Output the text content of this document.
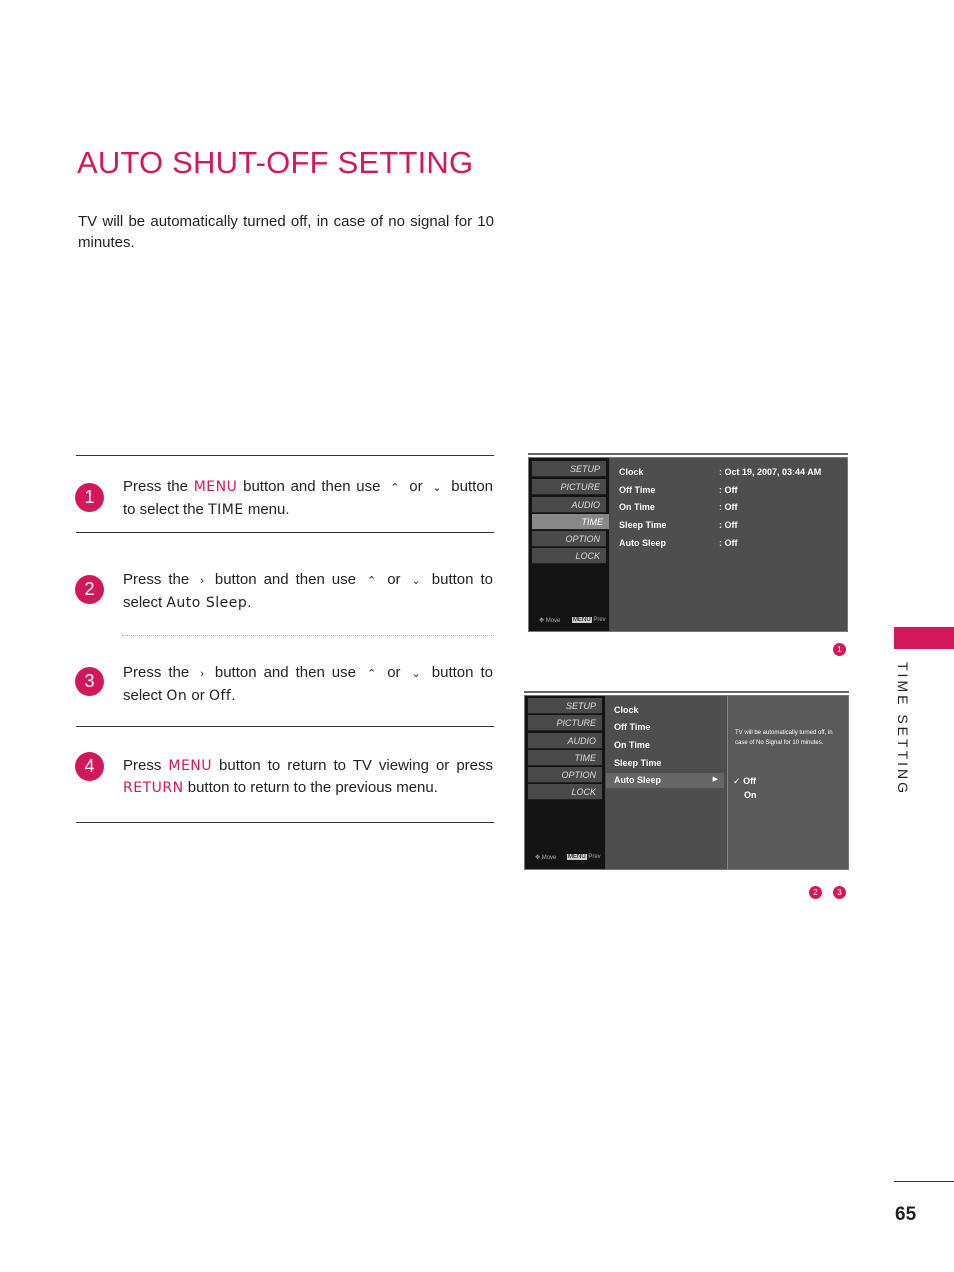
AUTO SHUT-OFF SETTING

TV will be automatically turned off, in case of no signal for 10 minutes.

1
Press the MENU button and then use ⌃ or ⌄ button to select the TIME menu.
2	Press the › button and then use ⌃ or ⌄ button to select Auto Sleep.
3	Press the › button and then use ⌃ or ⌄ button to select On or Off.
4	Press MENU button to return to TV viewing or press RETURN button to return to the previous menu.
SETUP
PICTURE
AUDIO
TIME
OPTION
LOCK
✥ Move MENU Prev
Clock	: Oct 19, 2007, 03:44 AM
Off Time	: Off
On Time	: Off
Sleep Time	: Off
Auto Sleep	: Off
1
SETUP
PICTURE
AUDIO
TIME
OPTION
LOCK
✥ Move MENU Prev
Clock
Off Time
On Time
Sleep Time
Auto Sleep	▶
TV will be automatically turned off, in case of No Signal for 10 minutes.
✓ Off
On
2	3
TIME SETTING
65
